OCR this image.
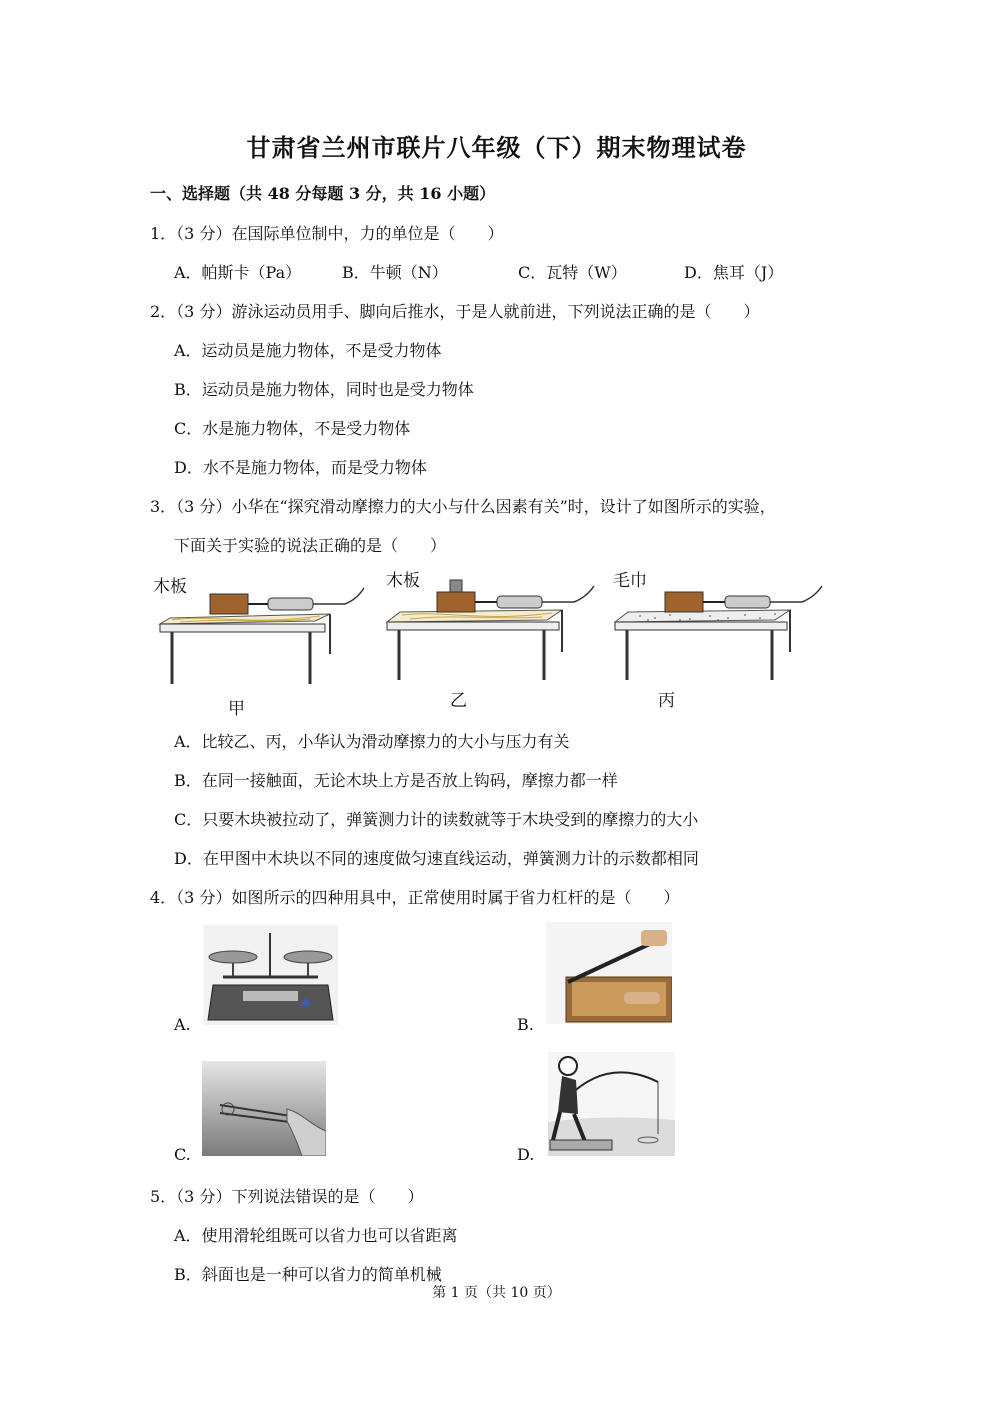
甘肃省兰州市联片八年级（下）期末物理试卷
一、选择题（共 48 分每题 3 分，共 16 小题）
1．（3 分）在国际单位制中，力的单位是（　　）
A．帕斯卡（Pa）	B．牛顿（N）	C．瓦特（W）	D．焦耳（J）
2．（3 分）游泳运动员用手、脚向后推水，于是人就前进，下列说法正确的是（　　）
A．运动员是施力物体，不是受力物体
B．运动员是施力物体，同时也是受力物体
C．水是施力物体，不是受力物体
D．水不是施力物体，而是受力物体
3．（3 分）小华在“探究滑动摩擦力的大小与什么因素有关”时，设计了如图所示的实验，
下面关于实验的说法正确的是（　　）
木板
甲
木板
乙
毛巾
丙
A．比较乙、丙，小华认为滑动摩擦力的大小与压力有关
B．在同一接触面，无论木块上方是否放上钩码，摩擦力都一样
C．只要木块被拉动了，弹簧测力计的读数就等于木块受到的摩擦力的大小
D．在甲图中木块以不同的速度做匀速直线运动，弹簧测力计的示数都相同
4．（3 分）如图所示的四种用具中，正常使用时属于省力杠杆的是（　　）
A.	B.
C.	D.
5．（3 分）下列说法错误的是（　　）
A．使用滑轮组既可以省力也可以省距离
B．斜面也是一种可以省力的简单机械
第 1 页（共 10 页）
